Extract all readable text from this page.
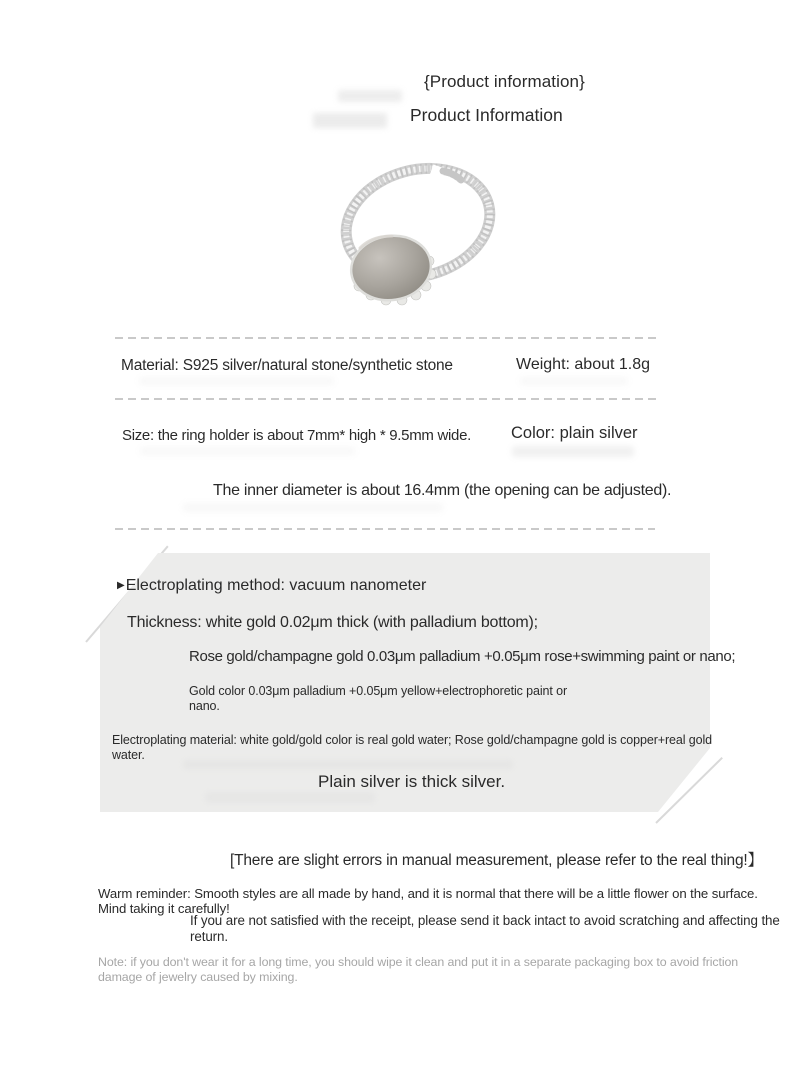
{Product information}
Product Information
Material: S925 silver/natural stone/synthetic stone	Weight: about 1.8g
Size: the ring holder is about 7mm* high * 9.5mm wide. Color: plain silver
The inner diameter is about 16.4mm (the opening can be adjusted).
▶Electroplating method: vacuum nanometer
Thickness: white gold 0.02μm thick (with palladium bottom);
Rose gold/champagne gold 0.03μm palladium +0.05μm rose+swimming paint or nano;
Gold color 0.03μm palladium +0.05μm yellow+electrophoretic paint or nano.
Electroplating material: white gold/gold color is real gold water; Rose gold/champagne gold is copper+real gold water.
Plain silver is thick silver.
[There are slight errors in manual measurement, please refer to the real thing!】
Warm reminder: Smooth styles are all made by hand, and it is normal that there will be a little flower on the surface. Mind taking it carefully!
If you are not satisfied with the receipt, please send it back intact to avoid scratching and affecting the return.
Note: if you don't wear it for a long time, you should wipe it clean and put it in a separate packaging box to avoid friction damage of jewelry caused by mixing.
